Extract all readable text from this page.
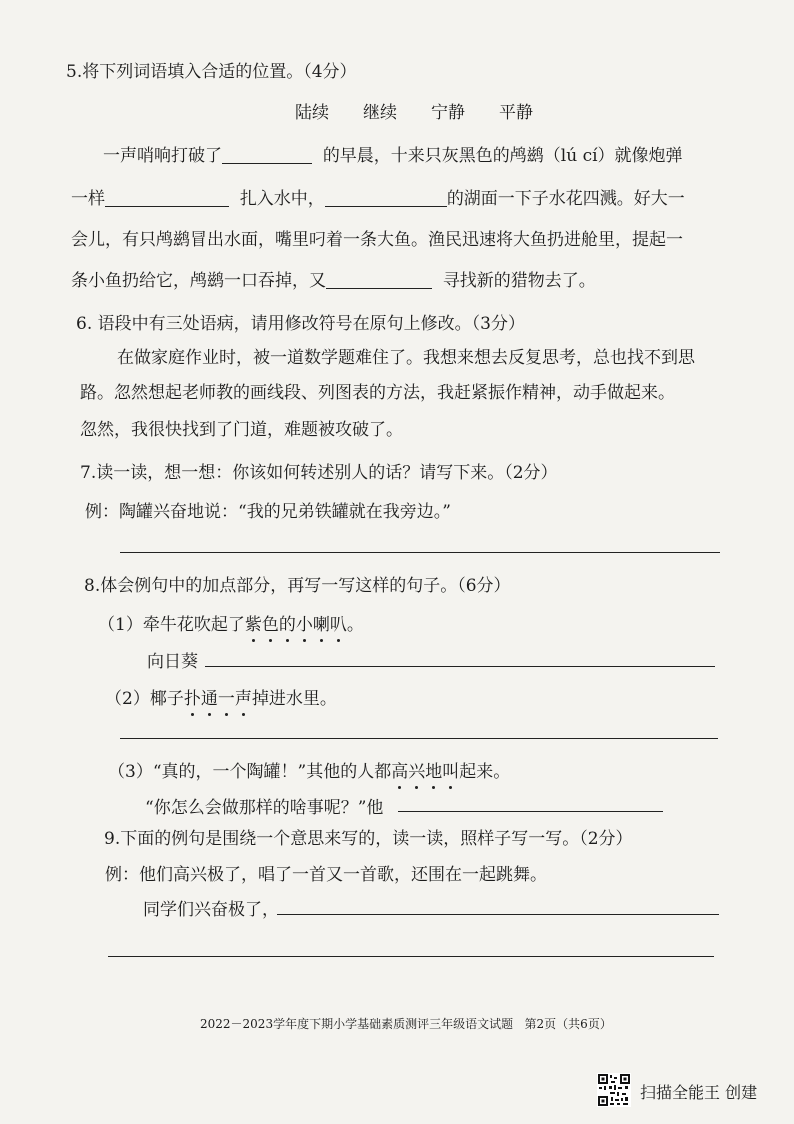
5.将下列词语填入合适的位置。（4分）
陆续 继续 宁静 平静
一声哨响打破了	的早晨，十来只灰黑色的鸬鹚（lú cí）就像炮弹
一样	扎入水中，	的湖面一下子水花四溅。好大一
会儿，有只鸬鹚冒出水面，嘴里叼着一条大鱼。渔民迅速将大鱼扔进舱里，提起一
条小鱼扔给它，鸬鹚一口吞掉，又	寻找新的猎物去了。
6. 语段中有三处语病，请用修改符号在原句上修改。（3分）
在做家庭作业时，被一道数学题难住了。我想来想去反复思考，总也找不到思
路。忽然想起老师教的画线段、列图表的方法，我赶紧振作精神，动手做起来。
忽然，我很快找到了门道，难题被攻破了。
7.读一读，想一想：你该如何转述别人的话？请写下来。（2分）
例：陶罐兴奋地说：“我的兄弟铁罐就在我旁边。”
8.体会例句中的加点部分，再写一写这样的句子。（6分）
（1）牵牛花吹起了紫色的小喇叭。
向日葵
（2）椰子扑通一声掉进水里。
（3）“真的，一个陶罐！”其他的人都高兴地叫起来。
“你怎么会做那样的啥事呢？”他
9.下面的例句是围绕一个意思来写的，读一读，照样子写一写。（2分）
例：他们高兴极了，唱了一首又一首歌，还围在一起跳舞。
同学们兴奋极了，
2022－2023学年度下期小学基础素质测评三年级语文试题 第2页（共6页）
扫描全能王 创建
